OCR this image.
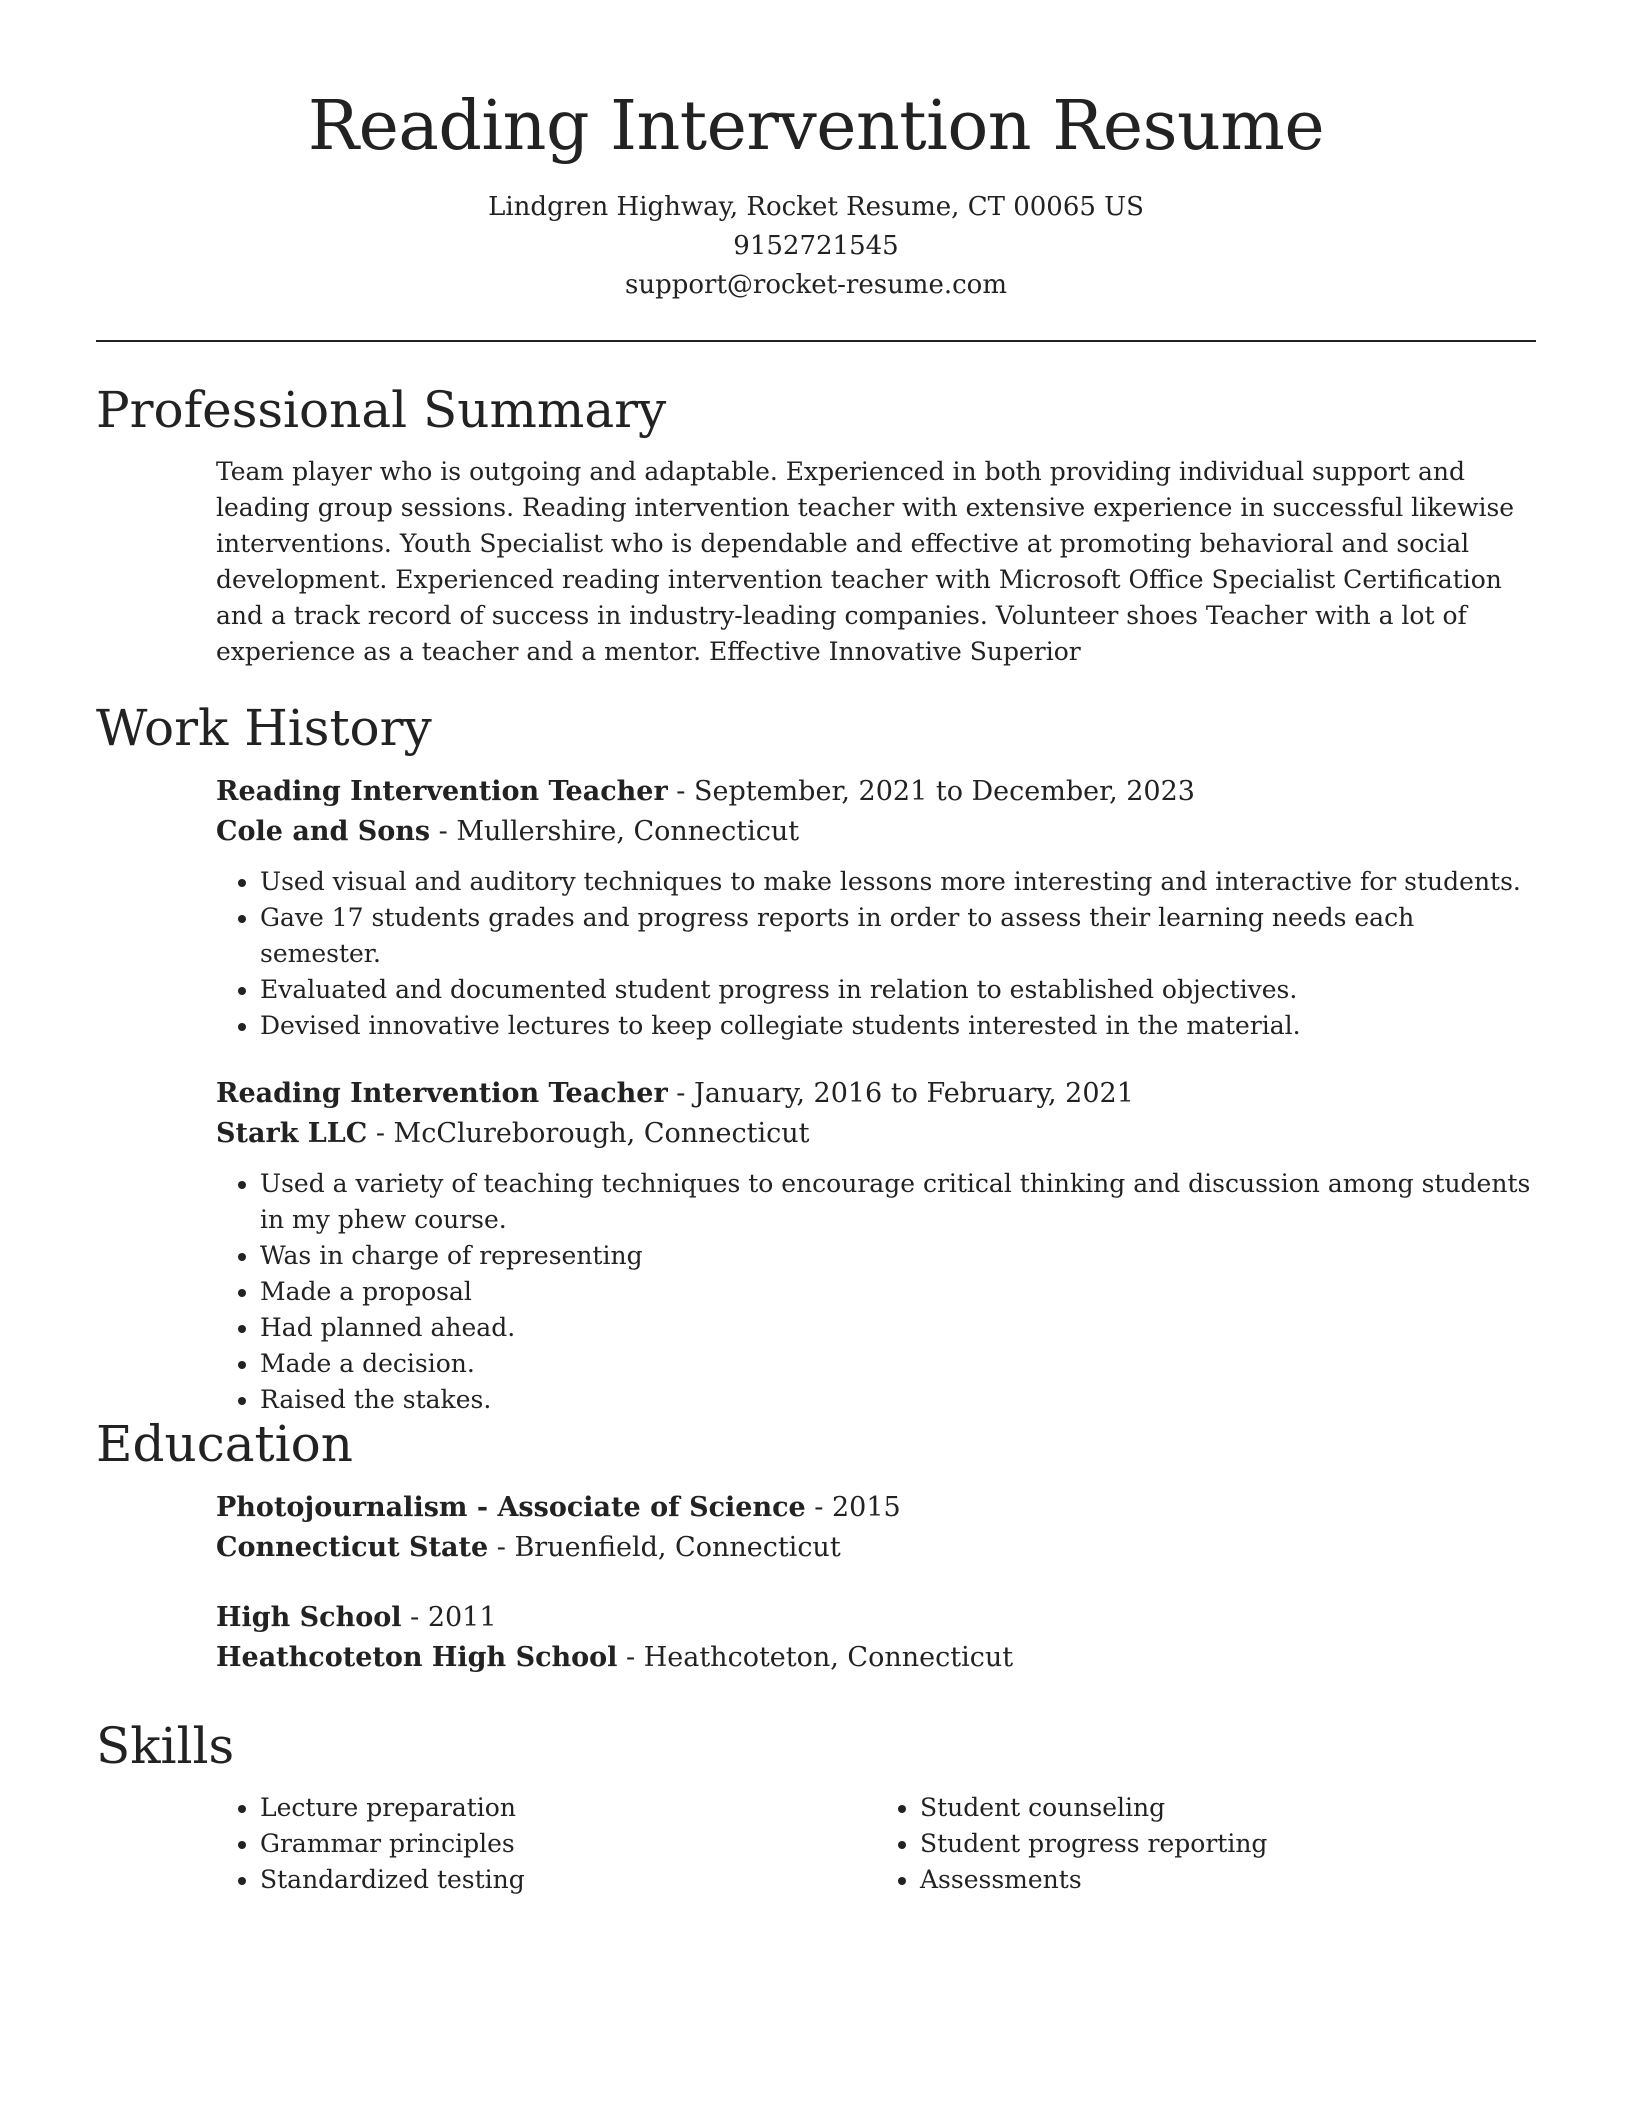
Reading Intervention Resume
Lindgren Highway, Rocket Resume, CT 00065 US
9152721545
support@rocket-resume.com
Professional Summary
Team player who is outgoing and adaptable. Experienced in both providing individual support and leading group sessions. Reading intervention teacher with extensive experience in successful likewise interventions. Youth Specialist who is dependable and effective at promoting behavioral and social development. Experienced reading intervention teacher with Microsoft Office Specialist Certification and a track record of success in industry-leading companies. Volunteer shoes Teacher with a lot of experience as a teacher and a mentor. Effective Innovative Superior
Work History
Reading Intervention Teacher - September, 2021 to December, 2023
Cole and Sons - Mullershire, Connecticut
• Used visual and auditory techniques to make lessons more interesting and interactive for students.
• Gave 17 students grades and progress reports in order to assess their learning needs each semester.
• Evaluated and documented student progress in relation to established objectives.
• Devised innovative lectures to keep collegiate students interested in the material.
Reading Intervention Teacher - January, 2016 to February, 2021
Stark LLC - McClureborough, Connecticut
• Used a variety of teaching techniques to encourage critical thinking and discussion among students in my phew course.
• Was in charge of representing
• Made a proposal
• Had planned ahead.
• Made a decision.
• Raised the stakes.
Education
Photojournalism - Associate of Science - 2015
Connecticut State - Bruenfield, Connecticut
High School - 2011
Heathcoteton High School - Heathcoteton, Connecticut
Skills
• Lecture preparation
• Grammar principles
• Standardized testing
• Student counseling
• Student progress reporting
• Assessments
